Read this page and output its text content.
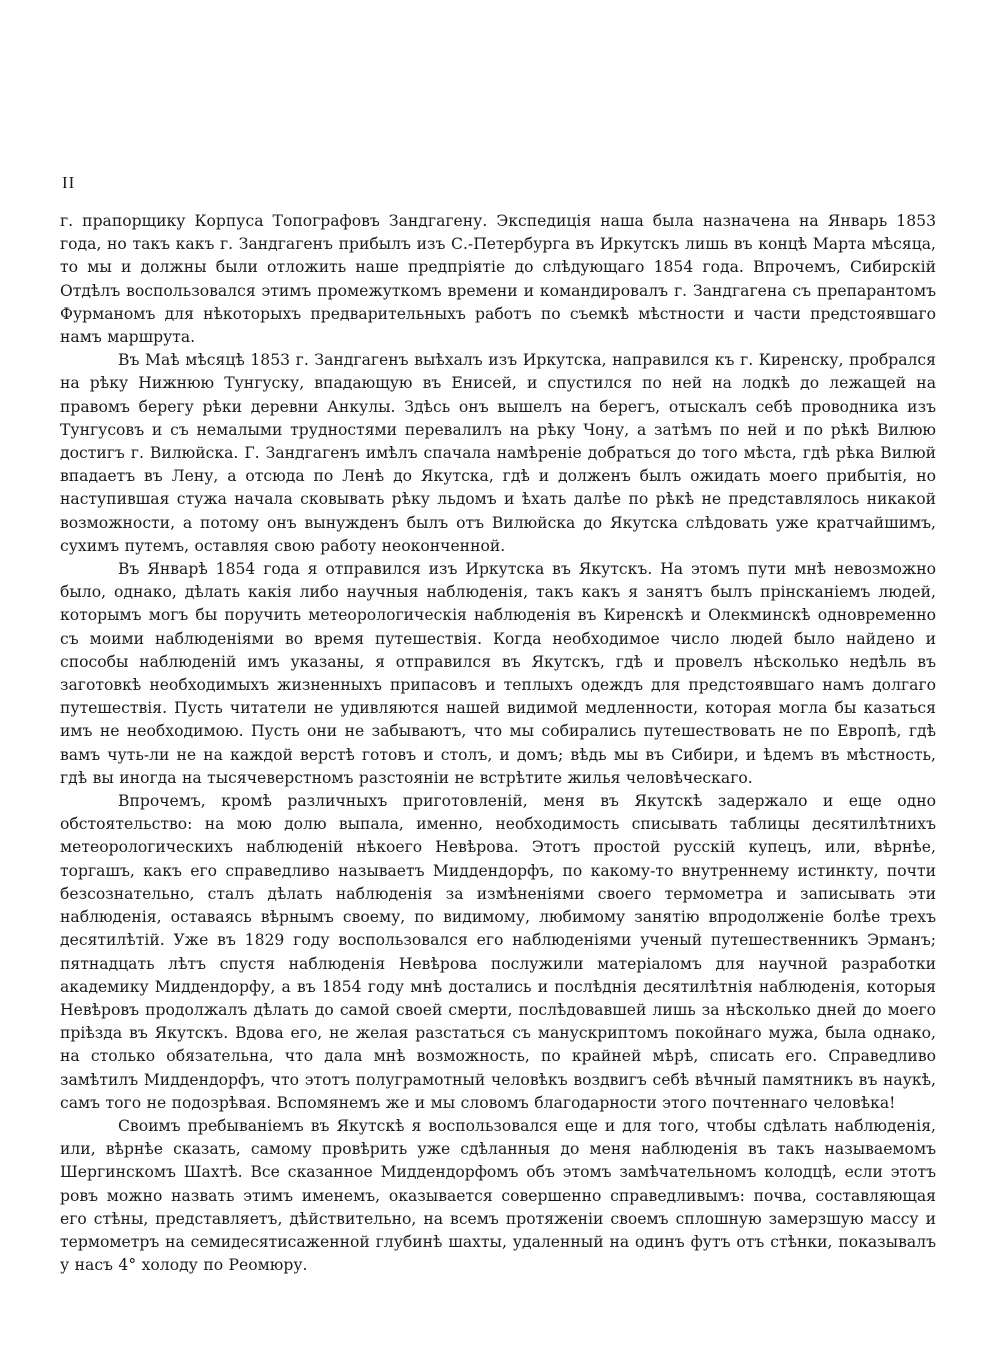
II

г. прапорщику Корпуса Топографовъ Зандгагену. Экспедиція наша была назначена на Январь 1853 года, но такъ какъ г. Зандгагенъ прибылъ изъ С.-Петербурга въ Иркутскъ лишь въ концѣ Марта мѣсяца, то мы и должны были отложить наше предпріятіе до слѣдующаго 1854 года. Впрочемъ, Сибирскій Отдѣлъ воспользовался этимъ промежуткомъ времени и командировалъ г. Зандгагена съ препарантомъ Фурманомъ для нѣкоторыхъ предварительныхъ работъ по съемкѣ мѣстности и части предстоявшаго намъ маршрута.

Въ Маѣ мѣсяцѣ 1853 г. Зандгагенъ выѣхалъ изъ Иркутска, направился къ г. Киренску, пробрался на рѣку Нижнюю Тунгуску, впадающую въ Енисей, и спустился по ней на лодкѣ до лежащей на правомъ берегу рѣки деревни Анкулы. Здѣсь онъ вышелъ на берегъ, отыскалъ себѣ проводника изъ Тунгусовъ и съ немалыми трудностями перевалилъ на рѣку Чону, а затѣмъ по ней и по рѣкѣ Вилюю достигъ г. Вилюйска. Г. Зандгагенъ имѣлъ спачала намѣреніе добраться до того мѣста, гдѣ рѣка Вилюй впадаетъ въ Лену, а отсюда по Ленѣ до Якутска, гдѣ и долженъ былъ ожидать моего прибытія, но наступившая стужа начала сковывать рѣку льдомъ и ѣхать далѣе по рѣкѣ не представлялось никакой возможности, а потому онъ вынужденъ былъ отъ Вилюйска до Якутска слѣдовать уже кратчайшимъ, сухимъ путемъ, оставляя свою работу неоконченной.

Въ Январѣ 1854 года я отправился изъ Иркутска въ Якутскъ. На этомъ пути мнѣ невозможно было, однако, дѣлать какія либо научныя наблюденія, такъ какъ я занятъ былъ прінсканіемъ людей, которымъ могъ бы поручить метеорологическія наблюденія въ Киренскѣ и Олекминскѣ одновременно съ моими наблюденіями во время путешествія. Когда необходимое число людей было найдено и способы наблюденій имъ указаны, я отправился въ Якутскъ, гдѣ и провелъ нѣсколько недѣль въ заготовкѣ необходимыхъ жизненныхъ припасовъ и теплыхъ одеждъ для предстоявшаго намъ долгаго путешествія. Пусть читатели не удивляются нашей видимой медленности, которая могла бы казаться имъ не необходимою. Пусть они не забываютъ, что мы собирались путешествовать не по Европѣ, гдѣ вамъ чуть-ли не на каждой верстѣ готовъ и столъ, и домъ; вѣдь мы въ Сибири, и ѣдемъ въ мѣстность, гдѣ вы иногда на тысячеверстномъ разстояніи не встрѣтите жилья человѣческаго.

Впрочемъ, кромѣ различныхъ приготовленій, меня въ Якутскѣ задержало и еще одно обстоятельство: на мою долю выпала, именно, необходимость списывать таблицы десятилѣтнихъ метеорологическихъ наблюденій нѣкоего Невѣрова. Этотъ простой русскій купецъ, или, вѣрнѣе, торгашъ, какъ его справедливо называетъ Миддендорфъ, по какому-то внутреннему истинкту, почти безсознательно, сталъ дѣлать наблюденія за измѣненіями своего термометра и записывать эти наблюденія, оставаясь вѣрнымъ своему, по видимому, любимому занятію впродолженіе болѣе трехъ десятилѣтій. Уже въ 1829 году воспользовался его наблюденіями ученый путешественникъ Эрманъ; пятнадцать лѣтъ спустя наблюденія Невѣрова послужили матеріаломъ для научной разработки академику Миддендорфу, а въ 1854 году мнѣ достались и послѣднія десятилѣтнія наблюденія, которыя Невѣровъ продолжалъ дѣлать до самой своей смерти, послѣдовавшей лишь за нѣсколько дней до моего пріѣзда въ Якутскъ. Вдова его, не желая разстаться съ манускриптомъ покойнаго мужа, была однако, на столько обязательна, что дала мнѣ возможность, по крайней мѣрѣ, списать его. Справедливо замѣтилъ Миддендорфъ, что этотъ полуграмотный человѣкъ воздвигъ себѣ вѣчный памятникъ въ наукѣ, самъ того не подозрѣвая. Вспомянемъ же и мы словомъ благодарности этого почтеннаго человѣка!

Своимъ пребываніемъ въ Якутскѣ я воспользовался еще и для того, чтобы сдѣлать наблюденія, или, вѣрнѣе сказать, самому провѣрить уже сдѣланныя до меня наблюденія въ такъ называемомъ Шергинскомъ Шахтѣ. Все сказанное Миддендорфомъ объ этомъ замѣчательномъ колодцѣ, если этотъ ровъ можно назвать этимъ именемъ, оказывается совершенно справедливымъ: почва, составляющая его стѣны, представляетъ, дѣйствительно, на всемъ протяженіи своемъ сплошную замерзшую массу и термометръ на семидесятисаженной глубинѣ шахты, удаленный на одинъ футъ отъ стѣнки, показывалъ у насъ 4° холоду по Реомюру.
